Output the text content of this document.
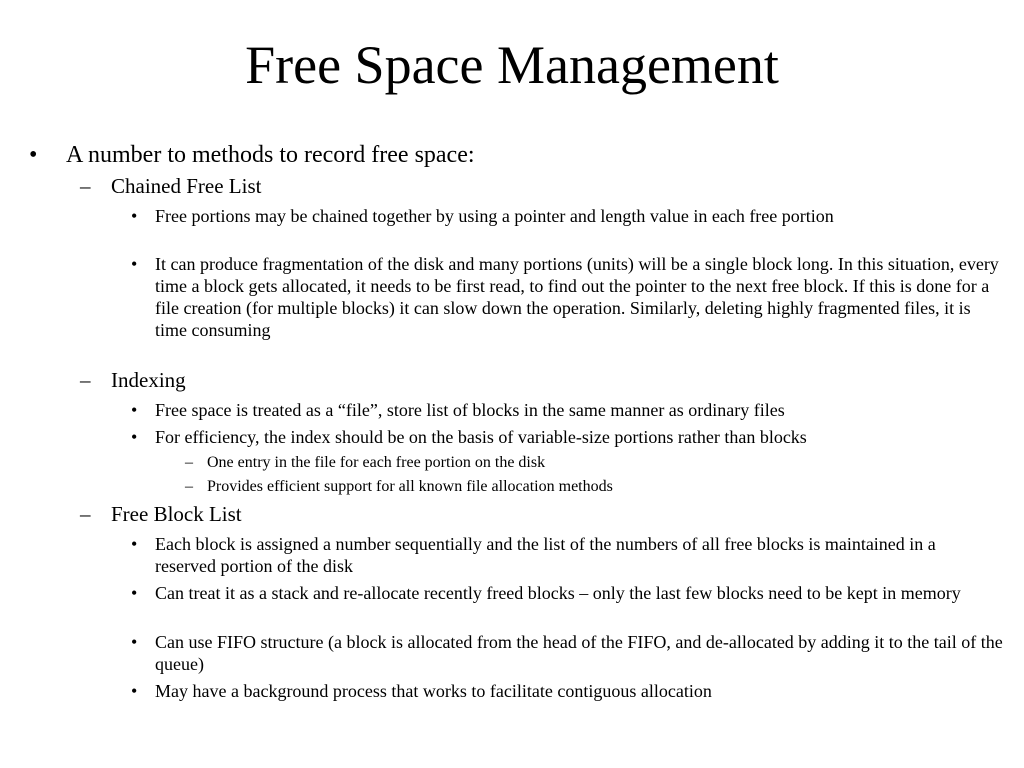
Free Space Management
• A number to methods to record free space:
– Chained Free List
• Free portions may be chained together by using a pointer and length value in each free portion
• It can produce fragmentation of the disk and many portions (units) will be a single block long. In this situation, every time a block gets allocated, it needs to be first read, to find out the pointer to the next free block. If this is done for a file creation (for multiple blocks) it can slow down the operation. Similarly, deleting highly fragmented files, it is time consuming
– Indexing
• Free space is treated as a “file”, store list of blocks in the same manner as ordinary files
• For efficiency, the index should be on the basis of variable-size portions rather than blocks
– One entry in the file for each free portion on the disk
– Provides efficient support for all known file allocation methods
– Free Block List
• Each block is assigned a number sequentially and the list of the numbers of all free blocks is maintained in a reserved portion of the disk
• Can treat it as a stack and re-allocate recently freed blocks – only the last few blocks need to be kept in memory
• Can use FIFO structure (a block is allocated from the head of the FIFO, and de-allocated by adding it to the tail of the queue)
• May have a background process that works to facilitate contiguous allocation
